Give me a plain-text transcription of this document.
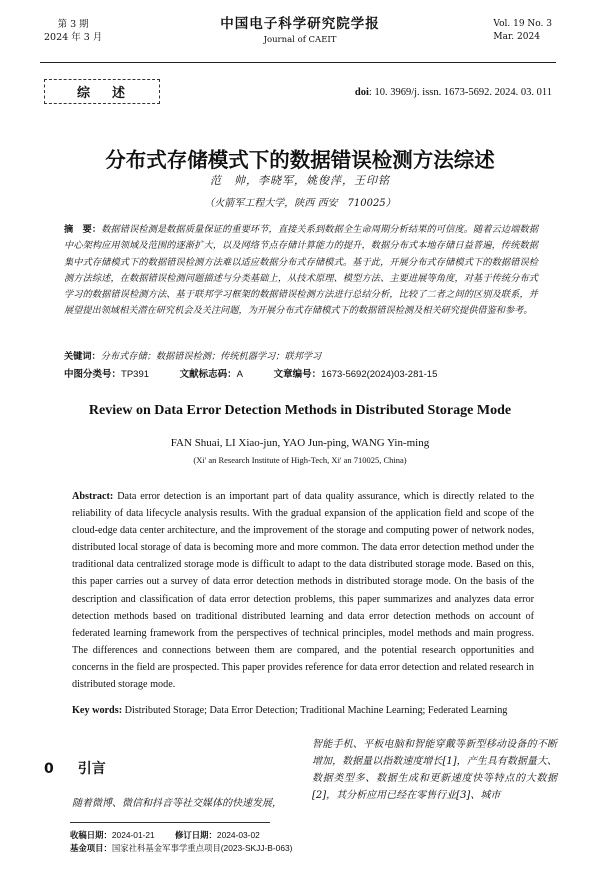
第 3 期
2024 年 3 月
中国电子科学研究院学报
Journal of CAEIT
Vol. 19 No. 3
Mar. 2024
综述	doi: 10. 3969/j. issn. 1673-5692. 2024. 03. 011
分布式存储模式下的数据错误检测方法综述
范　帅，李晓军，姚俊萍，王印铭
（火箭军工程大学，陕西 西安　710025）
摘　要：数据错误检测是数据质量保证的重要环节，直接关系到数据全生命周期分析结果的可信度。随着云边端数据中心架构应用领域及范围的逐渐扩大，以及网络节点存储计算能力的提升，数据分布式本地存储日益普遍，传统数据集中式存储模式下的数据错误检测方法难以适应数据分布式存储模式。基于此，开展分布式存储模式下的数据错误检测方法综述，在数据错误检测问题描述与分类基础上，从技术原理、模型方法、主要进展等角度，对基于传统分布式学习的数据错误检测方法、基于联邦学习框架的数据错误检测方法进行总结分析，比较了二者之间的区别及联系，并展望提出领域相关潜在研究机会及关注问题，为开展分布式存储模式下的数据错误检测及相关研究提供借鉴和参考。
关键词：分布式存储；数据错误检测；传统机器学习；联邦学习
中图分类号：TP391	文献标志码：A	文章编号：1673-5692(2024)03-281-15
Review on Data Error Detection Methods in Distributed Storage Mode
FAN Shuai, LI Xiao-jun, YAO Jun-ping, WANG Yin-ming
(Xi' an Research Institute of High-Tech, Xi' an 710025, China)
Abstract: Data error detection is an important part of data quality assurance, which is directly related to the reliability of data lifecycle analysis results. With the gradual expansion of the application field and scope of the cloud-edge data center architecture, and the improvement of the storage and computing power of network nodes, distributed local storage of data is becoming more and more common. The data error detection method under the traditional data centralized storage mode is difficult to adapt to the data distributed storage mode. Based on this, this paper carries out a survey of data error detection methods in distributed storage mode. On the basis of the description and classification of data error detection problems, this paper summarizes and analyzes data error detection methods based on traditional distributed learning and data error detection methods on account of federated learning framework from the perspectives of technical principles, model methods and main progress. The differences and connections between them are compared, and the potential research opportunities and concerns in the field are prospected. This paper provides reference for data error detection and related research in distributed storage mode.
Key words: Distributed Storage; Data Error Detection; Traditional Machine Learning; Federated Learning
0 引言
随着微博、微信和抖音等社交媒体的快速发展，
智能手机、平板电脑和智能穿戴等新型移动设备的不断增加，数据量以指数速度增长[1]，产生具有数据量大、数据类型多、数据生成和更新速度快等特点的大数据[2]，其分析应用已经在零售行业[3]、城市
收稿日期：2024-01-21 修订日期：2024-03-02
基金项目：国家社科基金军事学重点项目(2023-SKJJ-B-063)
